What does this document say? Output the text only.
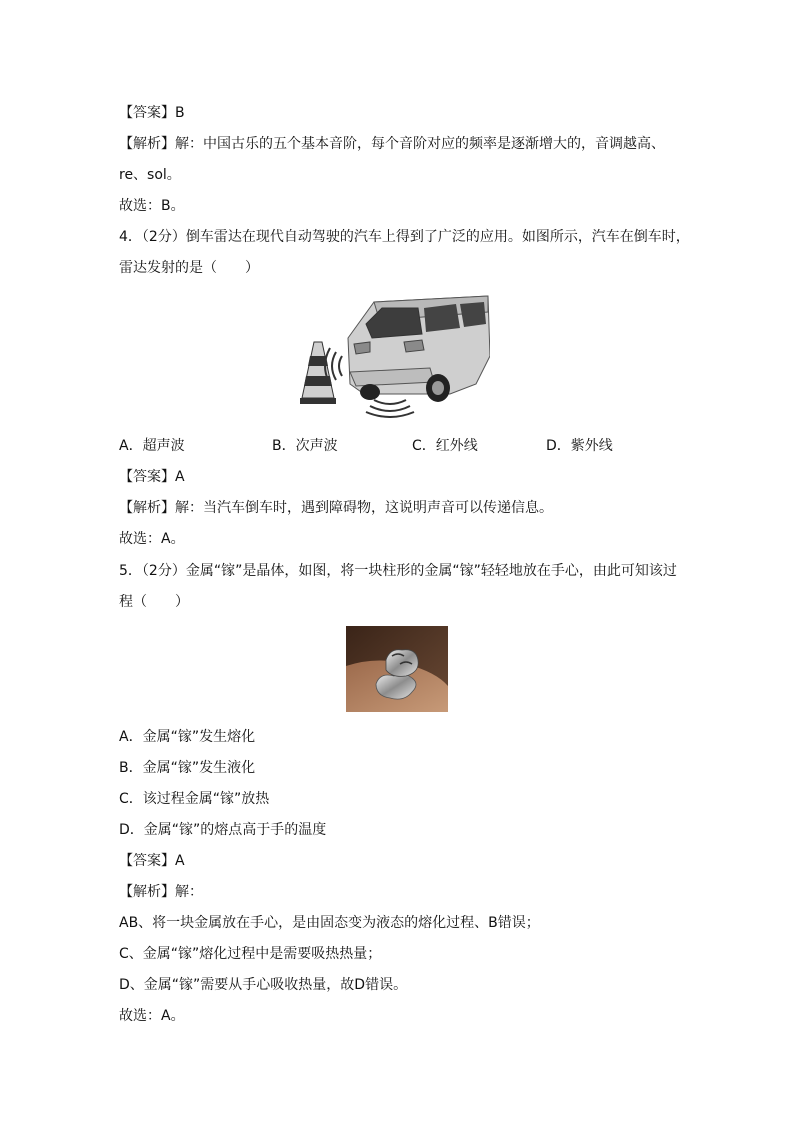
【答案】B
【解析】解：中国古乐的五个基本音阶，每个音阶对应的频率是逐渐增大的，音调越高、
re、sol。
故选：B。
4．（2分）倒车雷达在现代自动驾驶的汽车上得到了广泛的应用。如图所示，汽车在倒车时，
雷达发射的是（　　）
A．超声波	B．次声波	C．红外线	D．紫外线
【答案】A
【解析】解：当汽车倒车时，遇到障碍物，这说明声音可以传递信息。
故选：A。
5．（2分）金属“镓”是晶体，如图，将一块柱形的金属“镓”轻轻地放在手心，由此可知该过
程（　　）
A．金属“镓”发生熔化
B．金属“镓”发生液化
C．该过程金属“镓”放热
D．金属“镓”的熔点高于手的温度
【答案】A
【解析】解：
AB、将一块金属放在手心，是由固态变为液态的熔化过程、B错误；
C、金属“镓”熔化过程中是需要吸热热量；
D、金属“镓”需要从手心吸收热量，故D错误。
故选：A。
